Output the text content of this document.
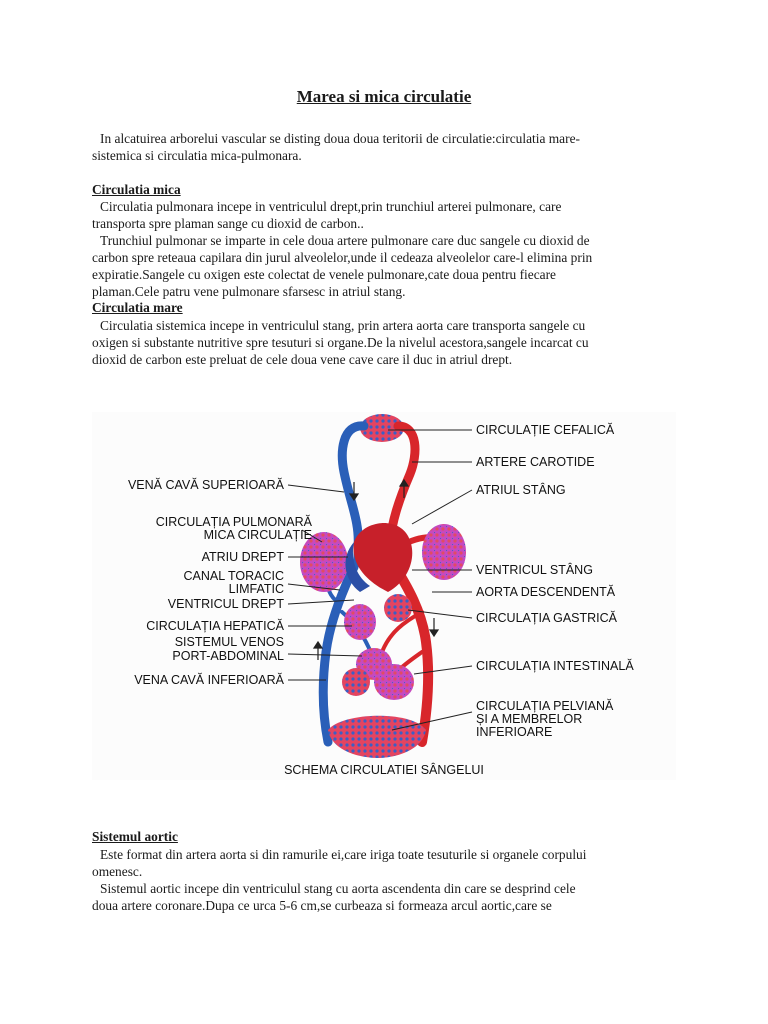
Marea si mica circulatie

In alcatuirea arborelui vascular se disting doua doua teritorii de circulatie:circulatia mare-
sistemica si circulatia mica-pulmonara.

Circulatia mica

Circulatia pulmonara incepe in ventriculul drept,prin trunchiul arterei pulmonare, care
transporta spre plaman sange cu dioxid de carbon..
Trunchiul pulmonar se imparte in cele doua artere pulmonare care duc sangele cu dioxid de
carbon spre reteaua capilara din jurul alveolelor,unde il cedeaza alveolelor care-l elimina prin
expiratie.Sangele cu oxigen este colectat de venele pulmonare,cate doua pentru fiecare
plaman.Cele patru vene pulmonare sfarsesc in atriul stang.

Circulatia mare

Circulatia sistemica incepe in ventriculul stang, prin artera aorta care transporta sangele cu
oxigen si substante nutritive spre tesuturi si organe.De la nivelul acestora,sangele incarcat cu
dioxid de carbon este preluat de cele doua vene cave care il duc in atriul drept.

VENĂ CAVĂ SUPERIOARĂ
CIRCULAȚIA PULMONARĂ
MICA CIRCULAȚIE
ATRIU DREPT
CANAL TORACIC
LIMFATIC
VENTRICUL DREPT
CIRCULAȚIA HEPATICĂ
SISTEMUL VENOS
PORT-ABDOMINAL
VENA CAVĂ INFERIOARĂ
CIRCULAȚIE CEFALICĂ
ARTERE CAROTIDE
ATRIUL STÂNG
VENTRICUL STÂNG
AORTA DESCENDENTĂ
CIRCULAȚIA GASTRICĂ
CIRCULAȚIA INTESTINALĂ
CIRCULAȚIA PELVIANĂ
ȘI A MEMBRELOR
INFERIOARE
SCHEMA CIRCULATIEI SÂNGELUI
Sistemul aortic

Este format din artera aorta si din ramurile ei,care iriga toate tesuturile si organele corpului
omenesc.
Sistemul aortic incepe din ventriculul stang cu aorta ascendenta din care se desprind cele
doua artere coronare.Dupa ce urca 5-6 cm,se curbeaza si formeaza arcul aortic,care se
